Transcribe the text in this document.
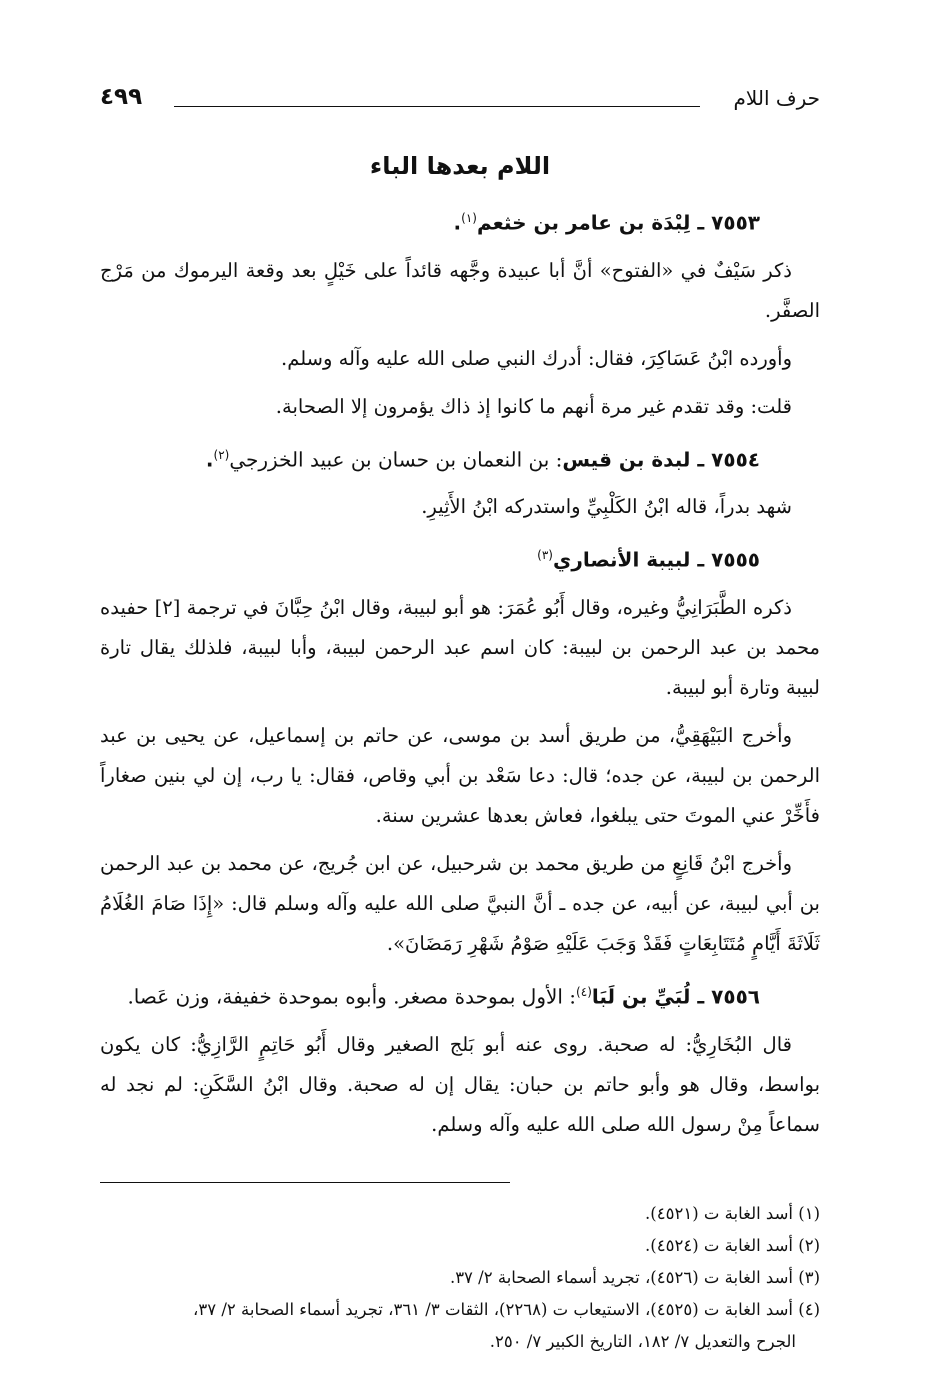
٤٩٩	حرف اللام
اللام بعدها الباء

٧٥٥٣ ـ لِبْدَة بن عامر بن خثعم$^{(١)}$.

ذكر سَيْفٌ في «الفتوح» أنَّ أبا عبيدة وجَّهه قائداً على خَيْلٍ بعد وقعة اليرموك من مَرْج الصفَّر.

وأورده ابْنُ عَسَاكِرَ، فقال: أدرك النبي صلى الله عليه وآله وسلم.

قلت: وقد تقدم غير مرة أنهم ما كانوا إذ ذاك يؤمرون إلا الصحابة.

٧٥٥٤ ـ لبدة بن قيس: بن النعمان بن حسان بن عبيد الخزرجي$^{(٢)}$.

شهد بدراً، قاله ابْنُ الكَلْبِيِّ واستدركه ابْنُ الأَثِيرِ.

٧٥٥٥ ـ لبيبة الأنصاري$^{(٣)}$

ذكره الطَّبَرَانِيُّ وغيره، وقال أَبُو عُمَرَ: هو أبو لبيبة، وقال ابْنُ حِبَّانَ في ترجمة [٢] حفيده محمد بن عبد الرحمن بن لبيبة: كان اسم عبد الرحمن لبيبة، وأبا لبيبة، فلذلك يقال تارة لبيبة وتارة أبو لبيبة.

وأخرج البَيْهَقِيُّ، من طريق أسد بن موسى، عن حاتم بن إسماعيل، عن يحيى بن عبد الرحمن بن لبيبة، عن جده؛ قال: دعا سَعْد بن أبي وقاص، فقال: يا رب، إن لي بنين صغاراً فأَخِّرْ عني الموتَ حتى يبلغوا، فعاش بعدها عشرين سنة.

وأخرج ابْنُ قَانِعٍ من طريق محمد بن شرحبيل، عن ابن جُريج، عن محمد بن عبد الرحمن بن أبي لبيبة، عن أبيه، عن جده ـ أنَّ النبيَّ صلى الله عليه وآله وسلم قال: «إِذَا صَامَ الغُلَامُ ثَلَاثَةَ أَيَّامٍ مُتَتَابِعَاتٍ فَقَدْ وَجَبَ عَلَيْهِ صَوْمُ شَهْرِ رَمَضَانَ».

٧٥٥٦ ـ لُبَيِّ بن لَبَا$^{(٤)}$: الأول بموحدة مصغر. وأبوه بموحدة خفيفة، وزن عَصا.

قال البُخَارِيُّ: له صحبة. روى عنه أبو بَلج الصغير وقال أَبُو حَاتِمٍ الرَّازِيُّ: كان يكون بواسط، وقال هو وأبو حاتم بن حبان: يقال إن له صحبة. وقال ابْنُ السَّكَنِ: لم نجد له سماعاً مِنْ رسول الله صلى الله عليه وآله وسلم.

(١) أسد الغابة ت (٤٥٢١).

(٢) أسد الغابة ت (٤٥٢٤).

(٣) أسد الغابة ت (٤٥٢٦)، تجريد أسماء الصحابة ٢/ ٣٧.

(٤) أسد الغابة ت (٤٥٢٥)، الاستيعاب ت (٢٢٦٨)، الثقات ٣/ ٣٦١، تجريد أسماء الصحابة ٢/ ٣٧،

الجرح والتعديل ٧/ ١٨٢، التاريخ الكبير ٧/ ٢٥٠.
